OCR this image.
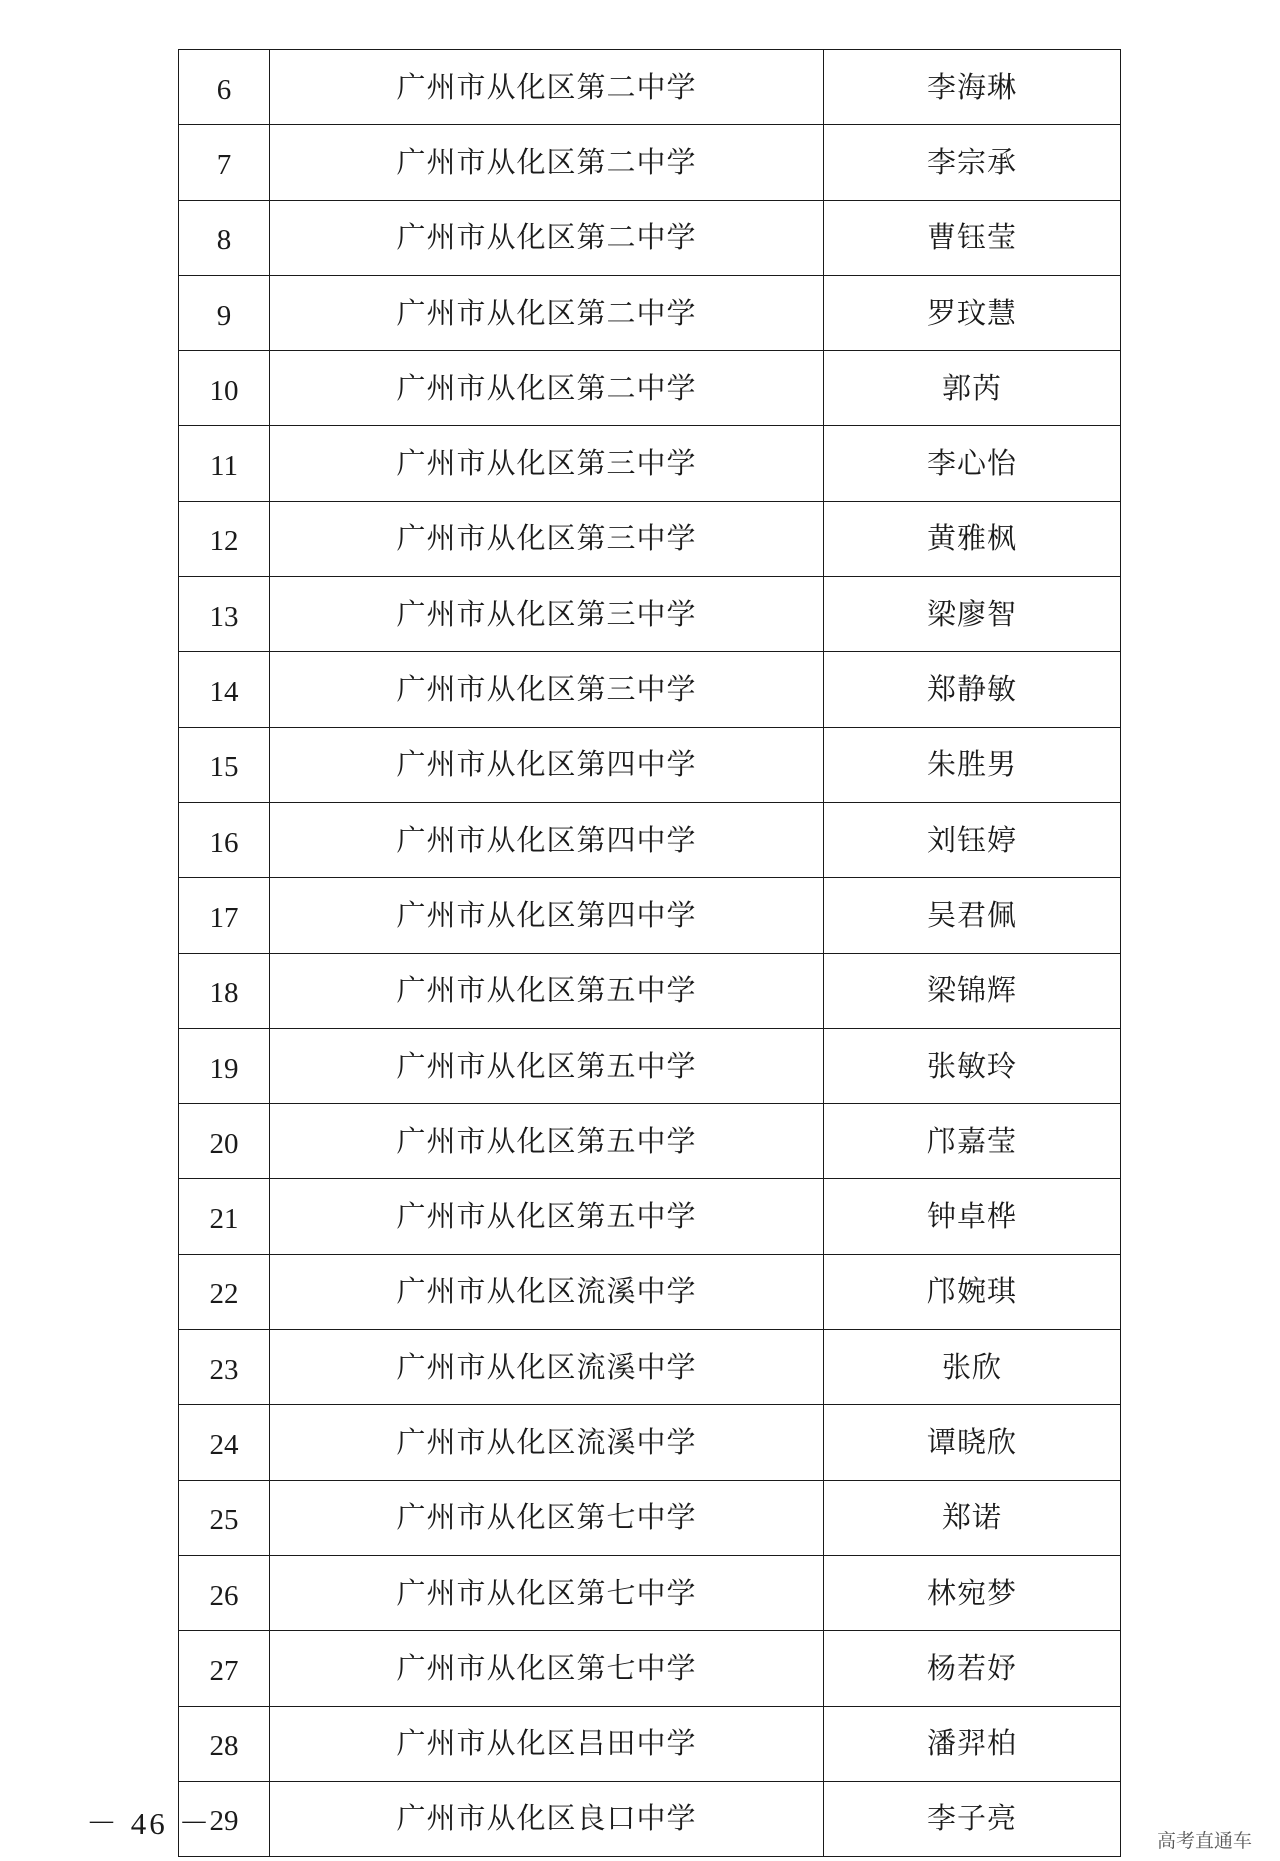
6	广州市从化区第二中学	李海琳
7	广州市从化区第二中学	李宗承
8	广州市从化区第二中学	曹钰莹
9	广州市从化区第二中学	罗玟慧
10	广州市从化区第二中学	郭芮
11	广州市从化区第三中学	李心怡
12	广州市从化区第三中学	黄雅枫
13	广州市从化区第三中学	梁廖智
14	广州市从化区第三中学	郑静敏
15	广州市从化区第四中学	朱胜男
16	广州市从化区第四中学	刘钰婷
17	广州市从化区第四中学	吴君佩
18	广州市从化区第五中学	梁锦辉
19	广州市从化区第五中学	张敏玲
20	广州市从化区第五中学	邝嘉莹
21	广州市从化区第五中学	钟卓桦
22	广州市从化区流溪中学	邝婉琪
23	广州市从化区流溪中学	张欣
24	广州市从化区流溪中学	谭晓欣
25	广州市从化区第七中学	郑诺
26	广州市从化区第七中学	林宛梦
27	广州市从化区第七中学	杨若妤
28	广州市从化区吕田中学	潘羿柏
29	广州市从化区良口中学	李子亮
－ 46 －	高考直通车
